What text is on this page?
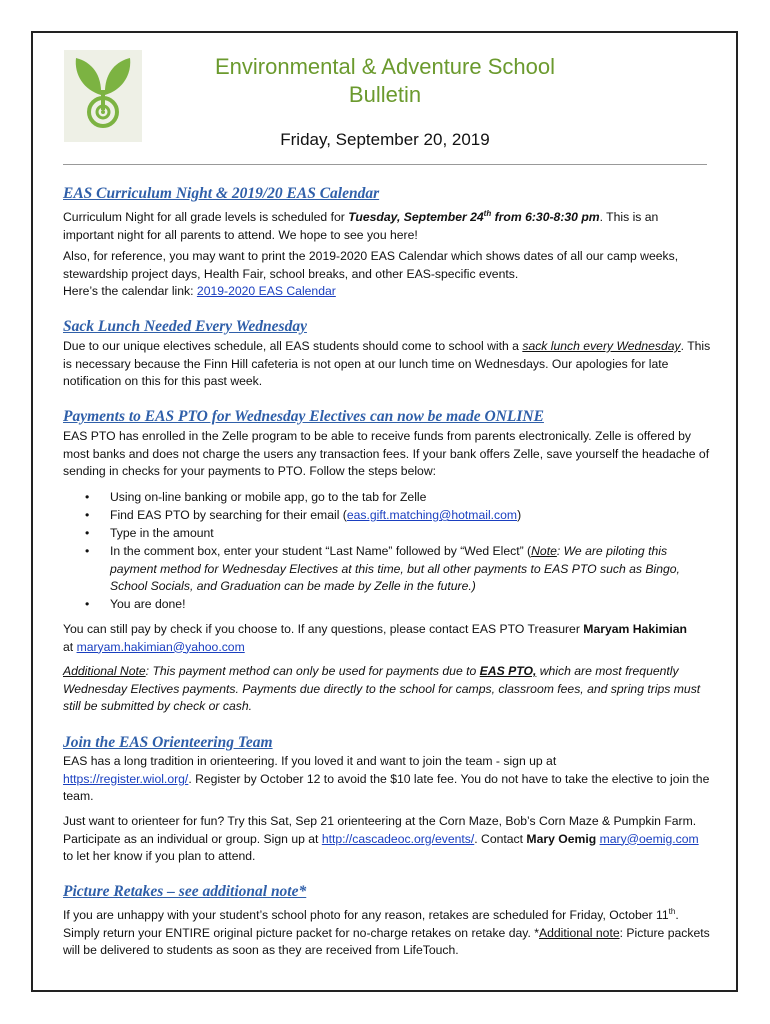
Environmental & Adventure School
Bulletin
Friday, September 20, 2019
EAS Curriculum Night & 2019/20 EAS Calendar
Curriculum Night for all grade levels is scheduled for Tuesday, September 24th from 6:30-8:30 pm. This is an important night for all parents to attend. We hope to see you here!
Also, for reference, you may want to print the 2019-2020 EAS Calendar which shows dates of all our camp weeks, stewardship project days, Health Fair, school breaks, and other EAS-specific events.
Here’s the calendar link: 2019-2020 EAS Calendar
Sack Lunch Needed Every Wednesday
Due to our unique electives schedule, all EAS students should come to school with a sack lunch every Wednesday. This is necessary because the Finn Hill cafeteria is not open at our lunch time on Wednesdays. Our apologies for late notification on this for this past week.
Payments to EAS PTO for Wednesday Electives can now be made ONLINE
EAS PTO has enrolled in the Zelle program to be able to receive funds from parents electronically. Zelle is offered by most banks and does not charge the users any transaction fees. If your bank offers Zelle, save yourself the headache of sending in checks for your payments to PTO. Follow the steps below:
• Using on-line banking or mobile app, go to the tab for Zelle
• Find EAS PTO by searching for their email (eas.gift.matching@hotmail.com)
• Type in the amount
• In the comment box, enter your student “Last Name” followed by “Wed Elect” (Note: We are piloting this payment method for Wednesday Electives at this time, but all other payments to EAS PTO such as Bingo, School Socials, and Graduation can be made by Zelle in the future.)
• You are done!
You can still pay by check if you choose to. If any questions, please contact EAS PTO Treasurer Maryam Hakimian
at maryam.hakimian@yahoo.com
Additional Note: This payment method can only be used for payments due to EAS PTO, which are most frequently Wednesday Electives payments. Payments due directly to the school for camps, classroom fees, and spring trips must still be submitted by check or cash.
Join the EAS Orienteering Team
EAS has a long tradition in orienteering. If you loved it and want to join the team - sign up at
https://register.wiol.org/. Register by October 12 to avoid the $10 late fee. You do not have to take the elective to join the team.
Just want to orienteer for fun? Try this Sat, Sep 21 orienteering at the Corn Maze, Bob’s Corn Maze & Pumpkin Farm. Participate as an individual or group. Sign up at http://cascadeoc.org/events/. Contact Mary Oemig mary@oemig.com to let her know if you plan to attend.
Picture Retakes – see additional note*
If you are unhappy with your student’s school photo for any reason, retakes are scheduled for Friday, October 11th. Simply return your ENTIRE original picture packet for no-charge retakes on retake day. *Additional note: Picture packets will be delivered to students as soon as they are received from LifeTouch.
